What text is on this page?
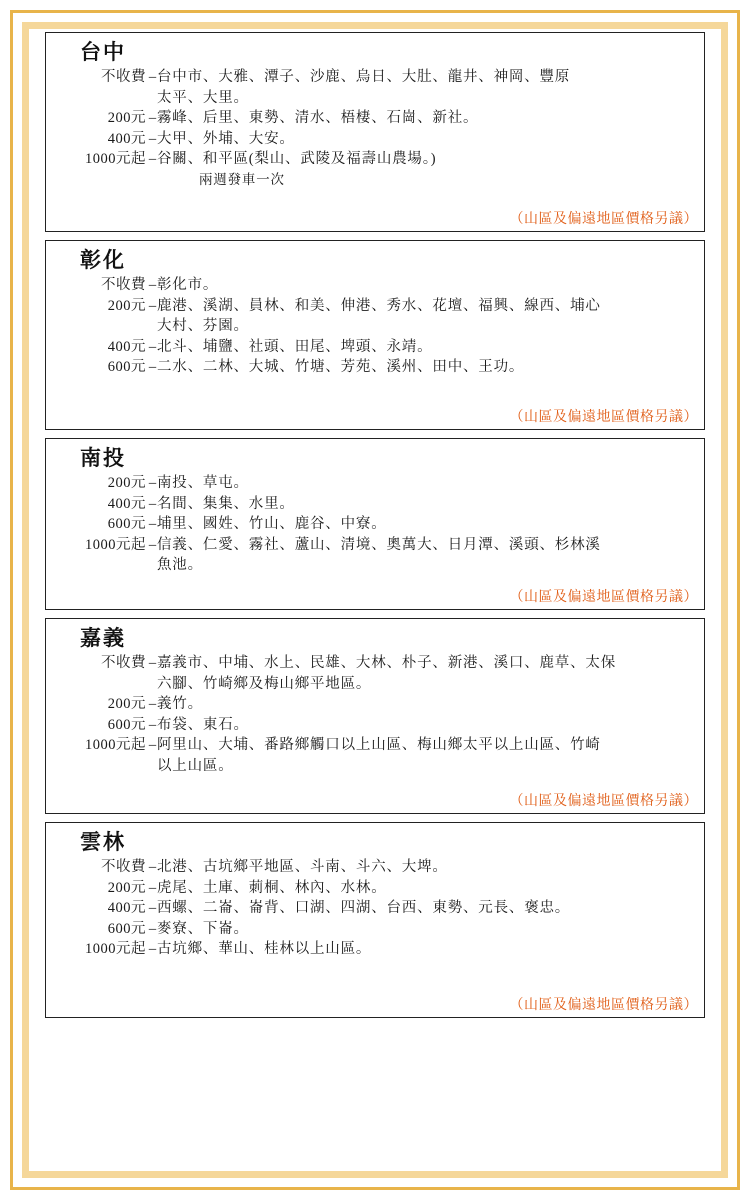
台中
不收費 – 台中市、大雅、潭子、沙鹿、烏日、大肚、龍井、神岡、豐原

太平、大里。
200元 – 霧峰、后里、東勢、清水、梧棲、石崗、新社。
400元 – 大甲、外埔、大安。
1000元起 – 谷關、和平區(梨山、武陵及福壽山農場。)
兩週發車一次
（山區及偏遠地區價格另議）
彰化
不收費 – 彰化市。
200元 – 鹿港、溪湖、員林、和美、伸港、秀水、花壇、福興、線西、埔心

大村、芬園。
400元 – 北斗、埔鹽、社頭、田尾、埤頭、永靖。
600元 – 二水、二林、大城、竹塘、芳苑、溪州、田中、王功。
（山區及偏遠地區價格另議）
南投
200元 – 南投、草屯。
400元 – 名間、集集、水里。
600元 – 埔里、國姓、竹山、鹿谷、中寮。
1000元起 – 信義、仁愛、霧社、蘆山、清境、奧萬大、日月潭、溪頭、杉林溪

魚池。
（山區及偏遠地區價格另議）
嘉義
不收費 – 嘉義市、中埔、水上、民雄、大林、朴子、新港、溪口、鹿草、太保

六腳、竹崎鄉及梅山鄉平地區。
200元 – 義竹。
600元 – 布袋、東石。
1000元起 – 阿里山、大埔、番路鄉觸口以上山區、梅山鄉太平以上山區、竹崎

以上山區。
（山區及偏遠地區價格另議）
雲林
不收費 – 北港、古坑鄉平地區、斗南、斗六、大埤。
200元 – 虎尾、土庫、莿桐、林內、水林。
400元 – 西螺、二崙、崙背、口湖、四湖、台西、東勢、元長、褒忠。
600元 – 麥寮、下崙。
1000元起 – 古坑鄉、華山、桂林以上山區。
（山區及偏遠地區價格另議）
